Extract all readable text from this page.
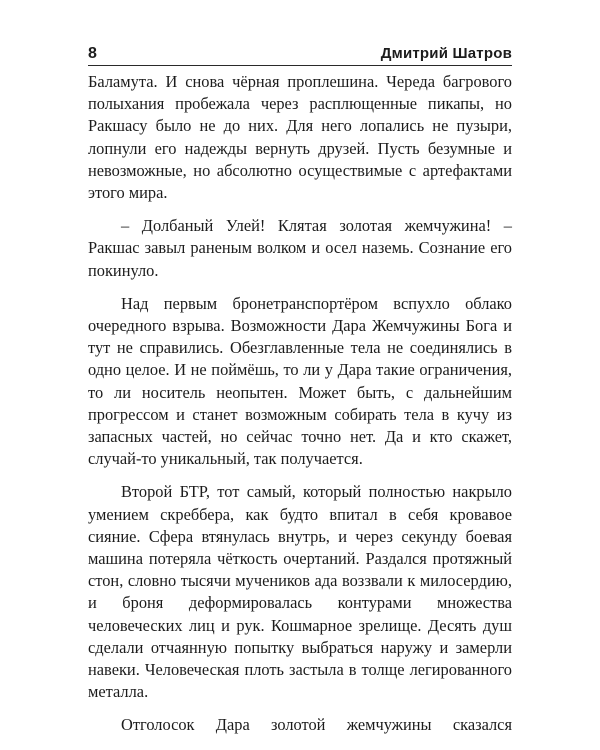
8	Дмитрий Шатров

Баламута. И снова чёрная проплешина. Череда багрового полыхания пробежала через расплющенные пикапы, но Ракшасу было не до них. Для него лопались не пузыри, лопнули его надежды вернуть друзей. Пусть безумные и невозможные, но абсолютно осуществимые с артефактами этого мира.

– Долбаный Улей! Клятая золотая жемчужина! – Ракшас завыл раненым волком и осел наземь. Сознание его покинуло.

Над первым бронетранспортёром вспухло облако очередного взрыва. Возможности Дара Жемчужины Бога и тут не справились. Обезглавленные тела не соединялись в одно целое. И не поймёшь, то ли у Дара такие ограничения, то ли носитель неопытен. Может быть, с дальнейшим прогрессом и станет возможным собирать тела в кучу из запасных частей, но сейчас точно нет. Да и кто скажет, случай-то уникальный, так получается.

Второй БТР, тот самый, который полностью накрыло умением скреббера, как будто впитал в себя кровавое сияние. Сфера втянулась внутрь, и через секунду боевая машина потеряла чёткость очертаний. Раздался протяжный стон, словно тысячи мучеников ада воззвали к милосердию, и броня деформировалась контурами множества человеческих лиц и рук. Кошмарное зрелище. Десять душ сделали отчаянную попытку выбраться наружу и замерли навеки. Человеческая плоть застыла в толще легированного металла.

Отголосок Дара золотой жемчужины сказался
